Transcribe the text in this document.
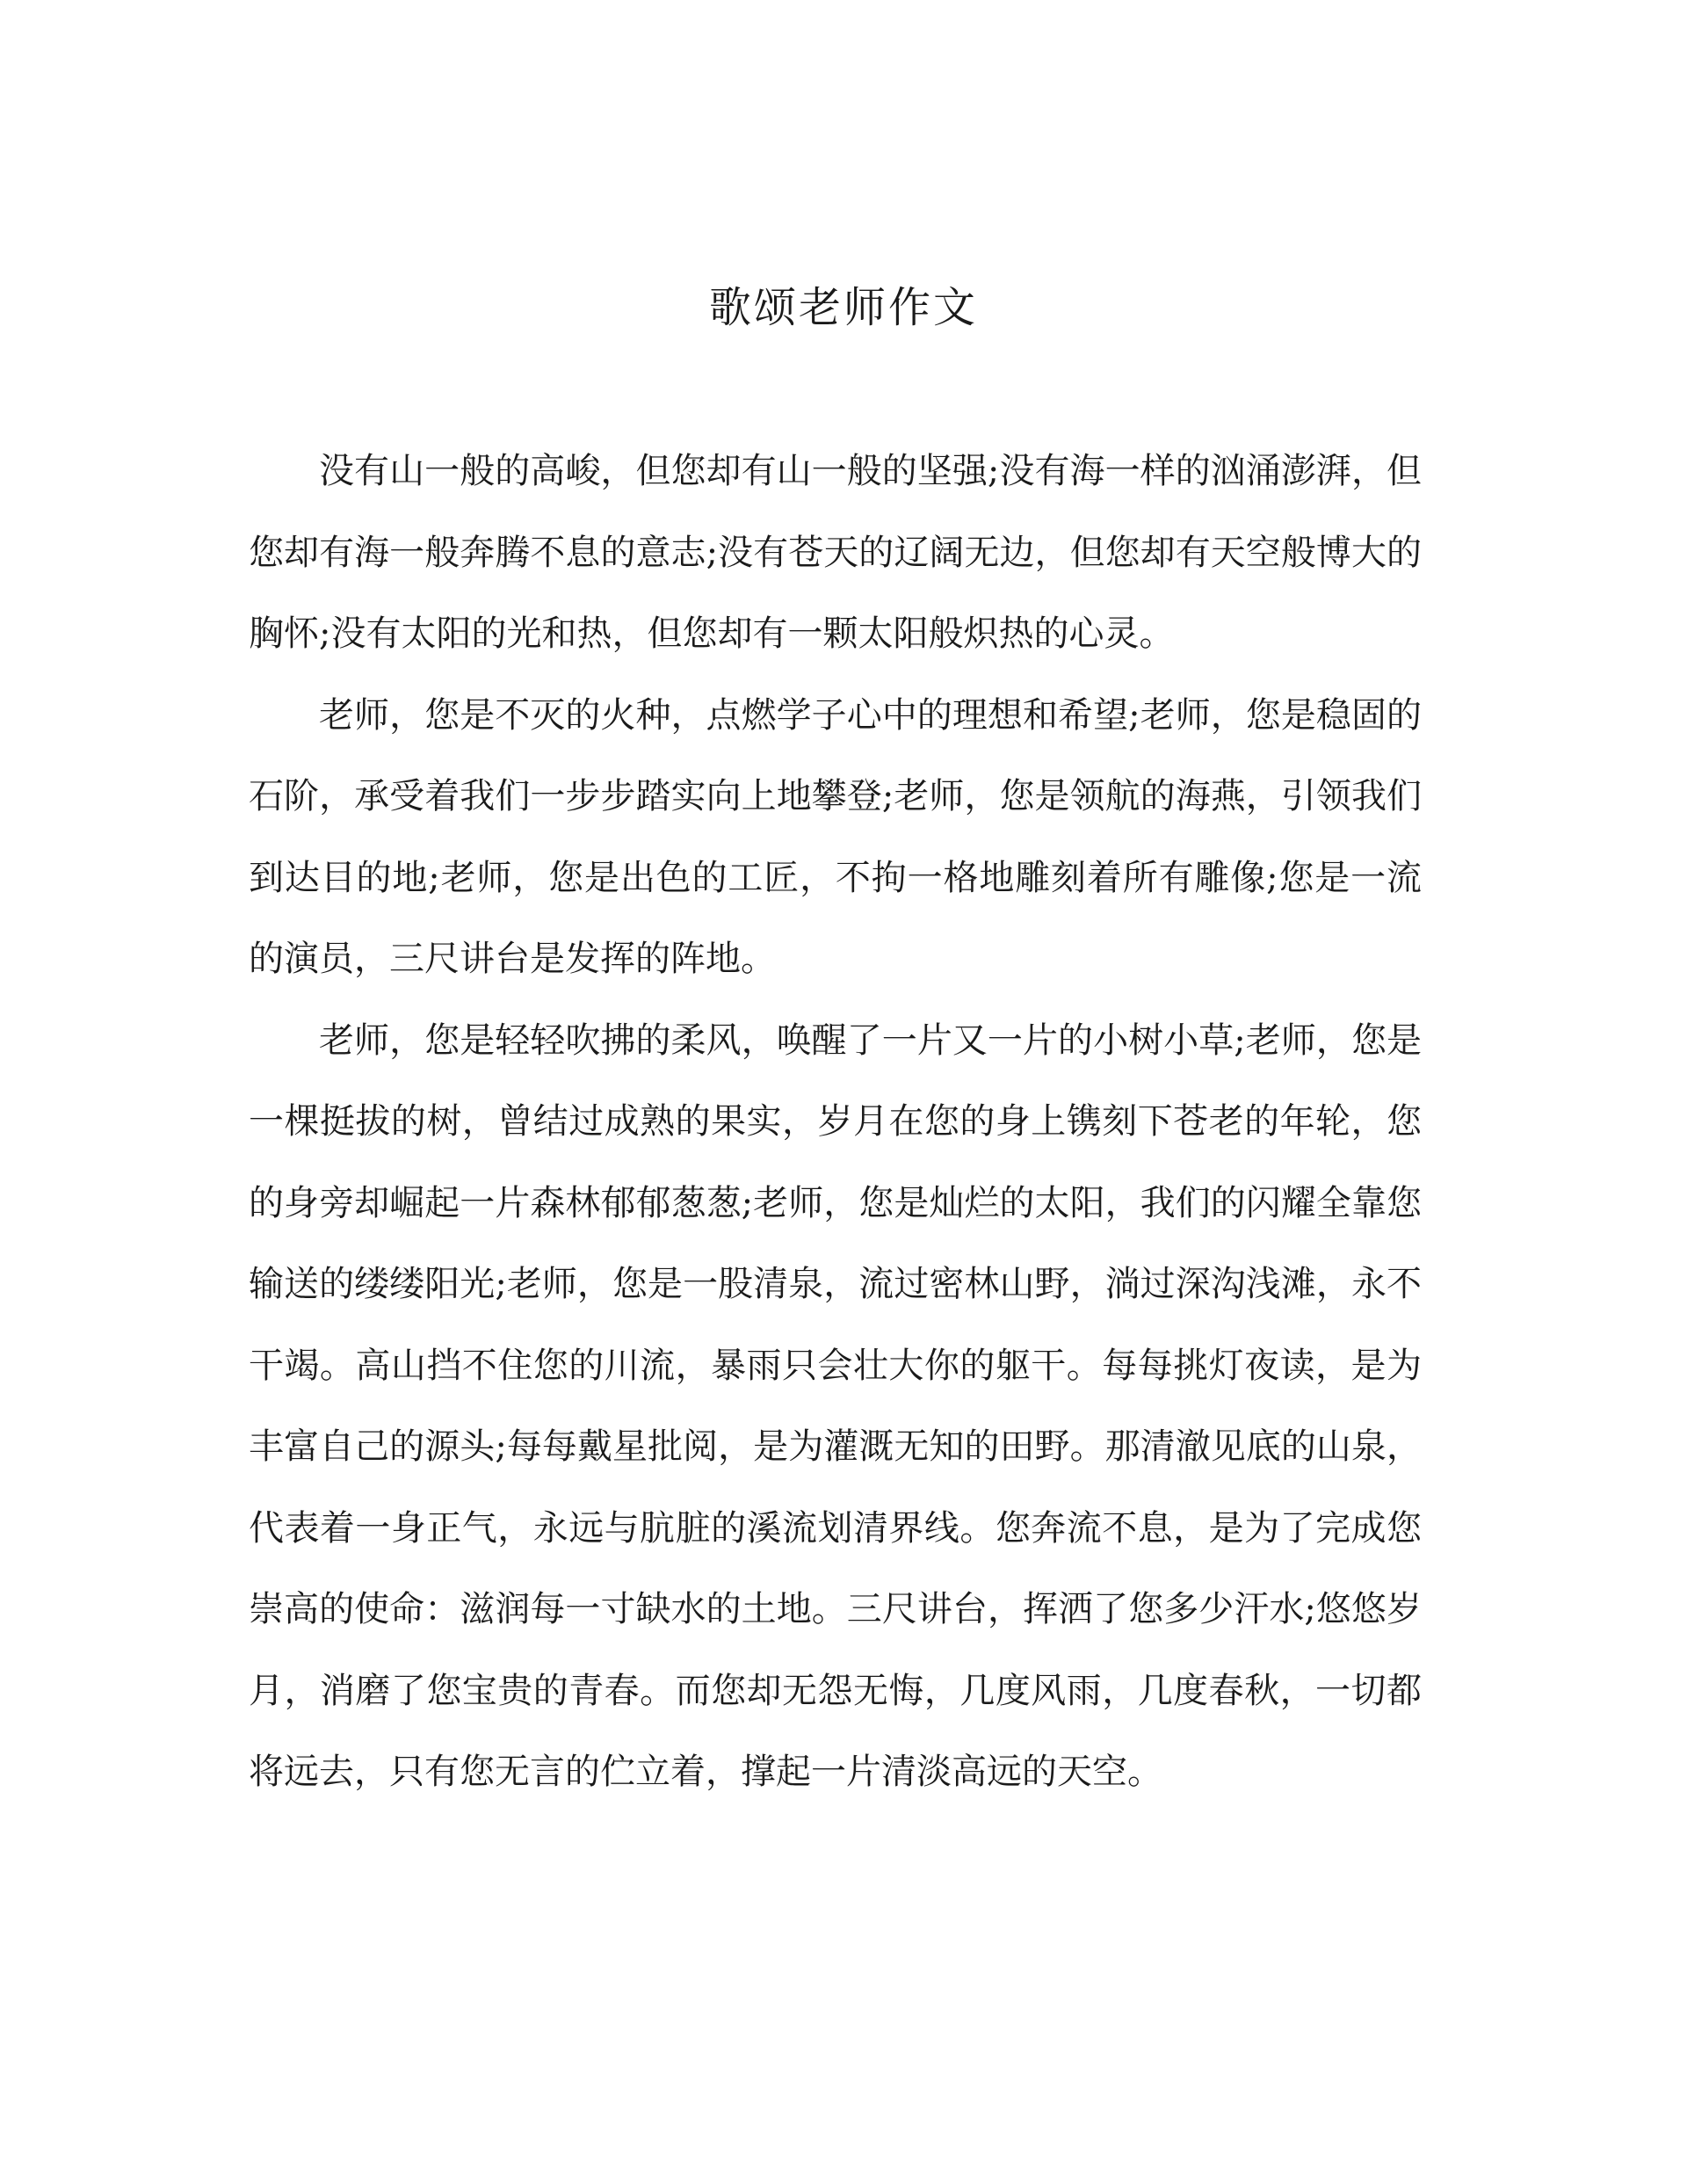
歌颂老师作文

没有山一般的高峻，但您却有山一般的坚强;没有海一样的汹涌澎湃，但您却有海一般奔腾不息的意志;没有苍天的辽阔无边，但您却有天空般博大的胸怀;没有太阳的光和热，但您却有一颗太阳般炽热的心灵。

老师，您是不灭的火种，点燃学子心中的理想和希望;老师，您是稳固的石阶，承受着我们一步步踏实向上地攀登;老师，您是领航的海燕，引领我们到达目的地;老师，您是出色的工匠，不拘一格地雕刻着所有雕像;您是一流的演员，三尺讲台是发挥的阵地。

老师，您是轻轻吹拂的柔风，唤醒了一片又一片的小树小草;老师，您是一棵挺拔的树，曾结过成熟的果实，岁月在您的身上镌刻下苍老的年轮，您的身旁却崛起一片森林郁郁葱葱;老师，您是灿烂的太阳，我们的闪耀全靠您输送的缕缕阳光;老师，您是一股清泉，流过密林山野，淌过深沟浅滩，永不干竭。高山挡不住您的川流，暴雨只会壮大你的躯干。每每挑灯夜读，是为丰富自己的源头;每每戴星批阅，是为灌溉无知的田野。那清澈见底的山泉，代表着一身正气，永远与肮脏的溪流划清界线。您奔流不息，是为了完成您崇高的使命：滋润每一寸缺水的土地。三尺讲台，挥洒了您多少汗水;悠悠岁月，消磨了您宝贵的青春。而您却无怨无悔，几度风雨，几度春秋，一切都将远去，只有您无言的伫立着，撑起一片清淡高远的天空。
